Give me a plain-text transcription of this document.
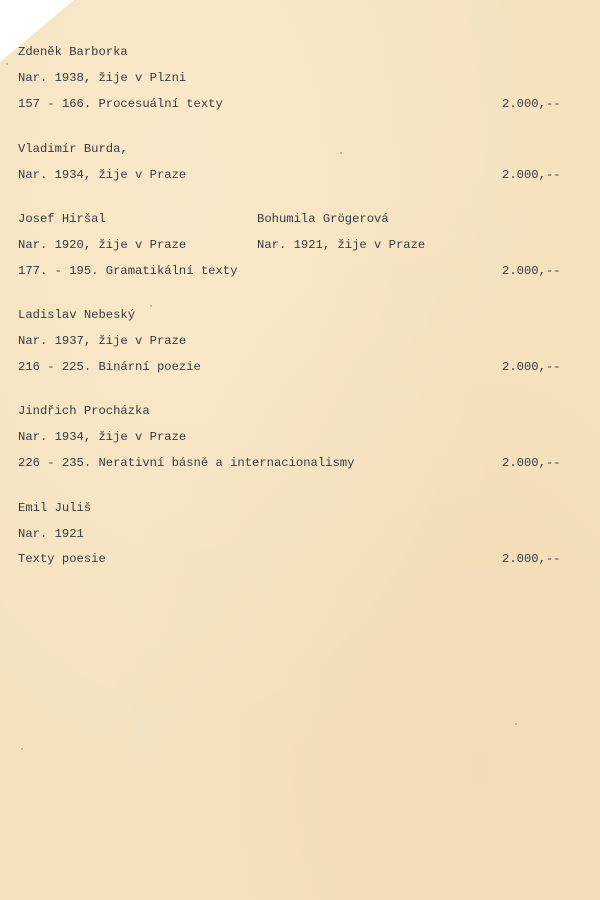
Zdeněk Barborka
Nar. 1938, žije v Plzni
157 - 166. Procesuální texty	2.000,--
Vladimír Burda,
Nar. 1934, žije v Praze	2.000,--
Josef Hiršal	Bohumila Grögerová
Nar. 1920, žije v Praze	Nar. 1921, žije v Praze
177. - 195. Gramatikální texty	2.000,--
Ladislav Nebeský
Nar. 1937, žije v Praze
216 - 225. Binární poezie	2.000,--
Jindřich Procházka
Nar. 1934, žije v Praze
226 - 235. Nerativní básně a internacionalismy	2.000,--
Emil Juliš
Nar. 1921
Texty poesie	2.000,--
